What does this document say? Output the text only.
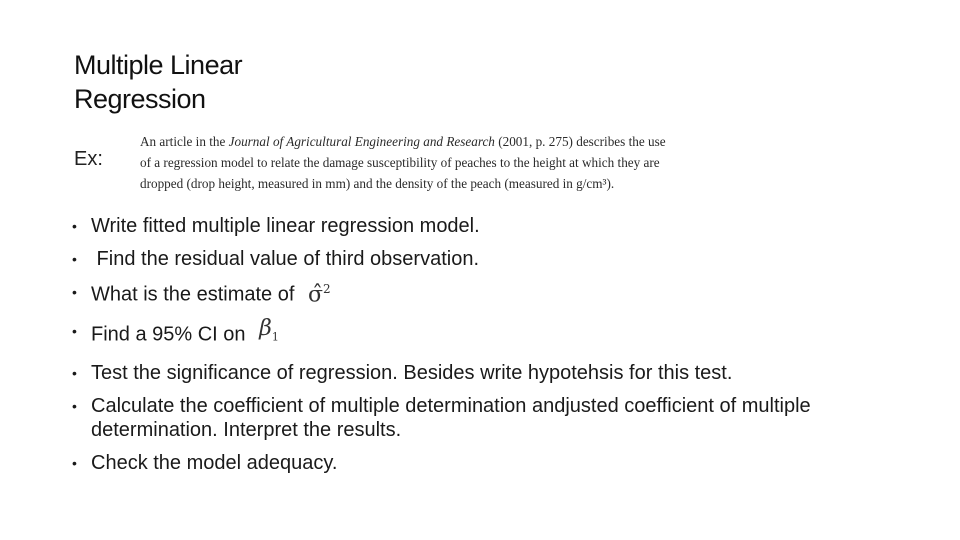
Multiple Linear
Regression
Ex:
An article in the Journal of Agricultural Engineering and Research (2001, p. 275) describes the use
of a regression model to relate the damage susceptibility of peaches to the height at which they are
dropped (drop height, measured in mm) and the density of the peach (measured in g/cm³).
• Write fitted multiple linear regression model.
• Find the residual value of third observation.
• What is the estimate of σ̂$^2$
• Find a 95% CI on $\beta_1$
• Test the significance of regression. Besides write hypotehsis for this test.
• Calculate the coefficient of multiple determination andjusted coefficient of multiple determination. Interpret the results.
• Check the model adequacy.
